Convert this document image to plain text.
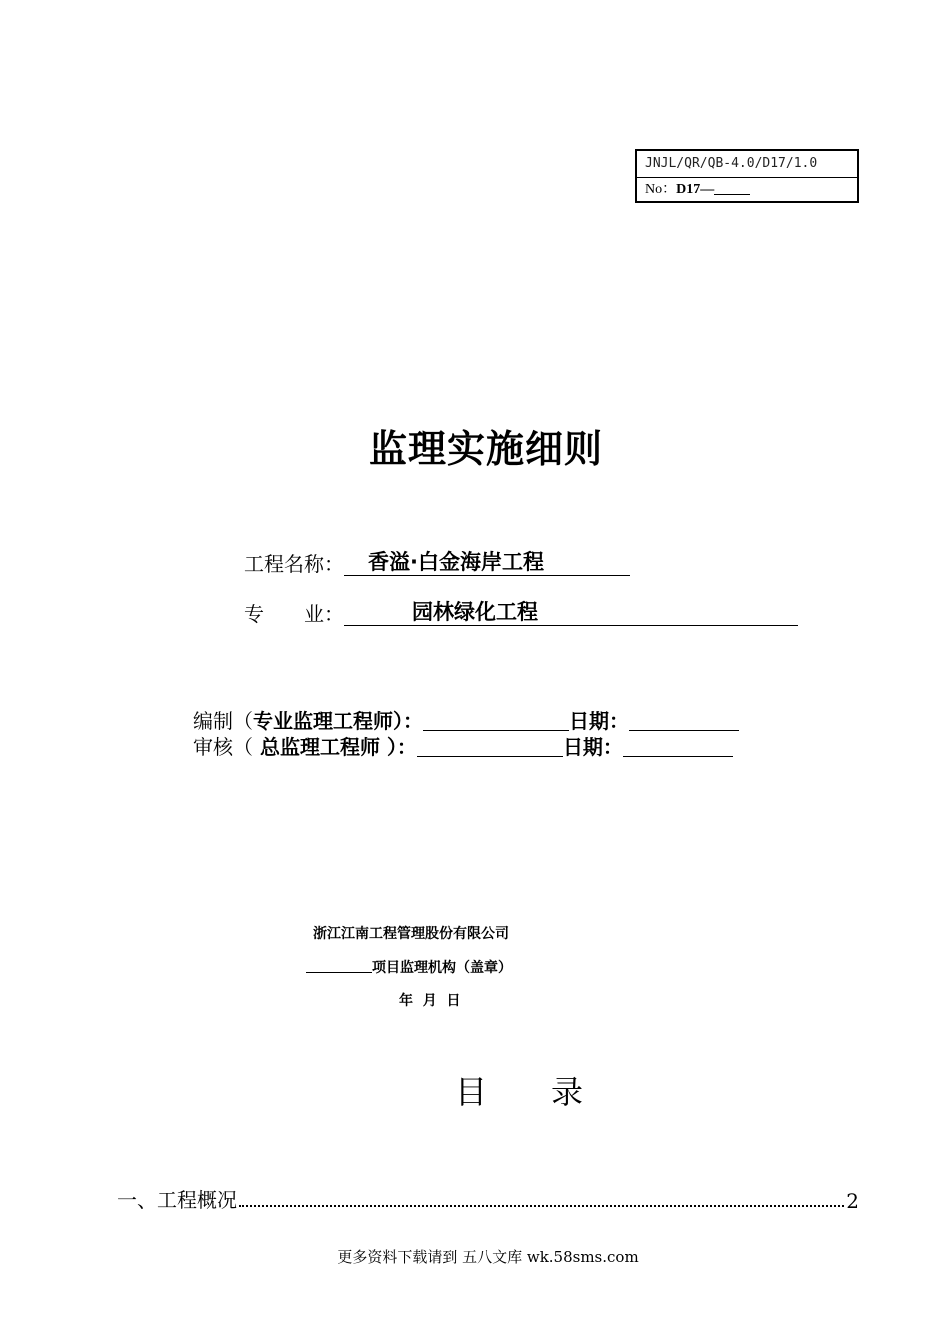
JNJL/QR/QB-4.0/D17/1.0
No：D17—
监理实施细则
工程名称： 香溢·白金海岸工程
专　　业：	园林绿化工程
编制（专业监理工程师）：	日期：
审核（ 总监理工程师 ）：	日期：
浙江江南工程管理股份有限公司
项目监理机构（盖章）
年  月  日
目　　录
一、工程概况	2
更多资料下载请到 五八文库 wk.58sms.com
